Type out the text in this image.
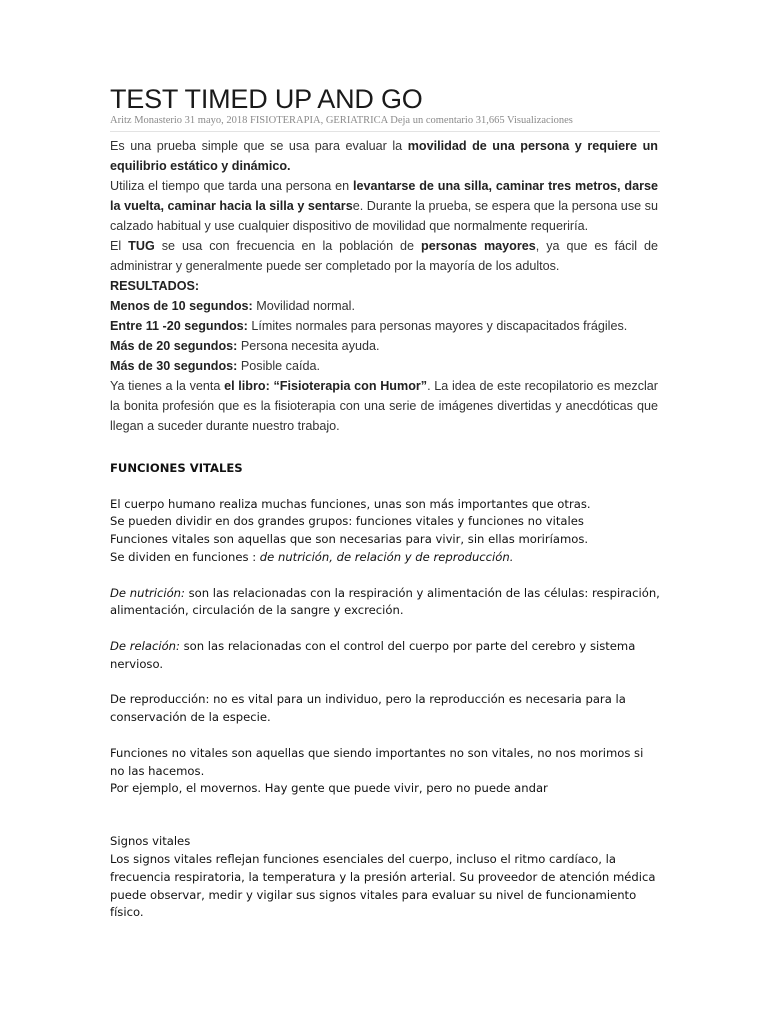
TEST TIMED UP AND GO
Aritz Monasterio 31 mayo, 2018 FISIOTERAPIA, GERIATRICA Deja un comentario 31,665 Visualizaciones

Es una prueba simple que se usa para evaluar la movilidad de una persona y requiere un equilibrio estático y dinámico.

Utiliza el tiempo que tarda una persona en levantarse de una silla, caminar tres metros, darse la vuelta, caminar hacia la silla y sentarse. Durante la prueba, se espera que la persona use su calzado habitual y use cualquier dispositivo de movilidad que normalmente requeriría.

El TUG se usa con frecuencia en la población de personas mayores, ya que es fácil de administrar y generalmente puede ser completado por la mayoría de los adultos.

RESULTADOS:

Menos de 10 segundos: Movilidad normal.

Entre 11 -20 segundos: Límites normales para personas mayores y discapacitados frágiles.

Más de 20 segundos: Persona necesita ayuda.

Más de 30 segundos: Posible caída.

Ya tienes a la venta el libro: “Fisioterapia con Humor”. La idea de este recopilatorio es mezclar la bonita profesión que es la fisioterapia con una serie de imágenes divertidas y anecdóticas que llegan a suceder durante nuestro trabajo.

FUNCIONES VITALES

El cuerpo humano realiza muchas funciones, unas son más importantes que otras.

Se pueden dividir en dos grandes grupos: funciones vitales y funciones no vitales

Funciones vitales son aquellas que son necesarias para vivir, sin ellas moriríamos.

Se dividen en funciones : de nutrición, de relación y de reproducción.

De nutrición: son las relacionadas con la respiración y alimentación de las células: respiración, alimentación, circulación de la sangre y excreción.

De relación: son las relacionadas con el control del cuerpo por parte del cerebro y sistema nervioso.

De reproducción: no es vital para un individuo, pero la reproducción es necesaria para la conservación de la especie.

Funciones no vitales son aquellas que siendo importantes no son vitales, no nos morimos si no las hacemos.

Por ejemplo, el movernos. Hay gente que puede vivir, pero no puede andar

Signos vitales

Los signos vitales reflejan funciones esenciales del cuerpo, incluso el ritmo cardíaco, la frecuencia respiratoria, la temperatura y la presión arterial. Su proveedor de atención médica puede observar, medir y vigilar sus signos vitales para evaluar su nivel de funcionamiento físico.
